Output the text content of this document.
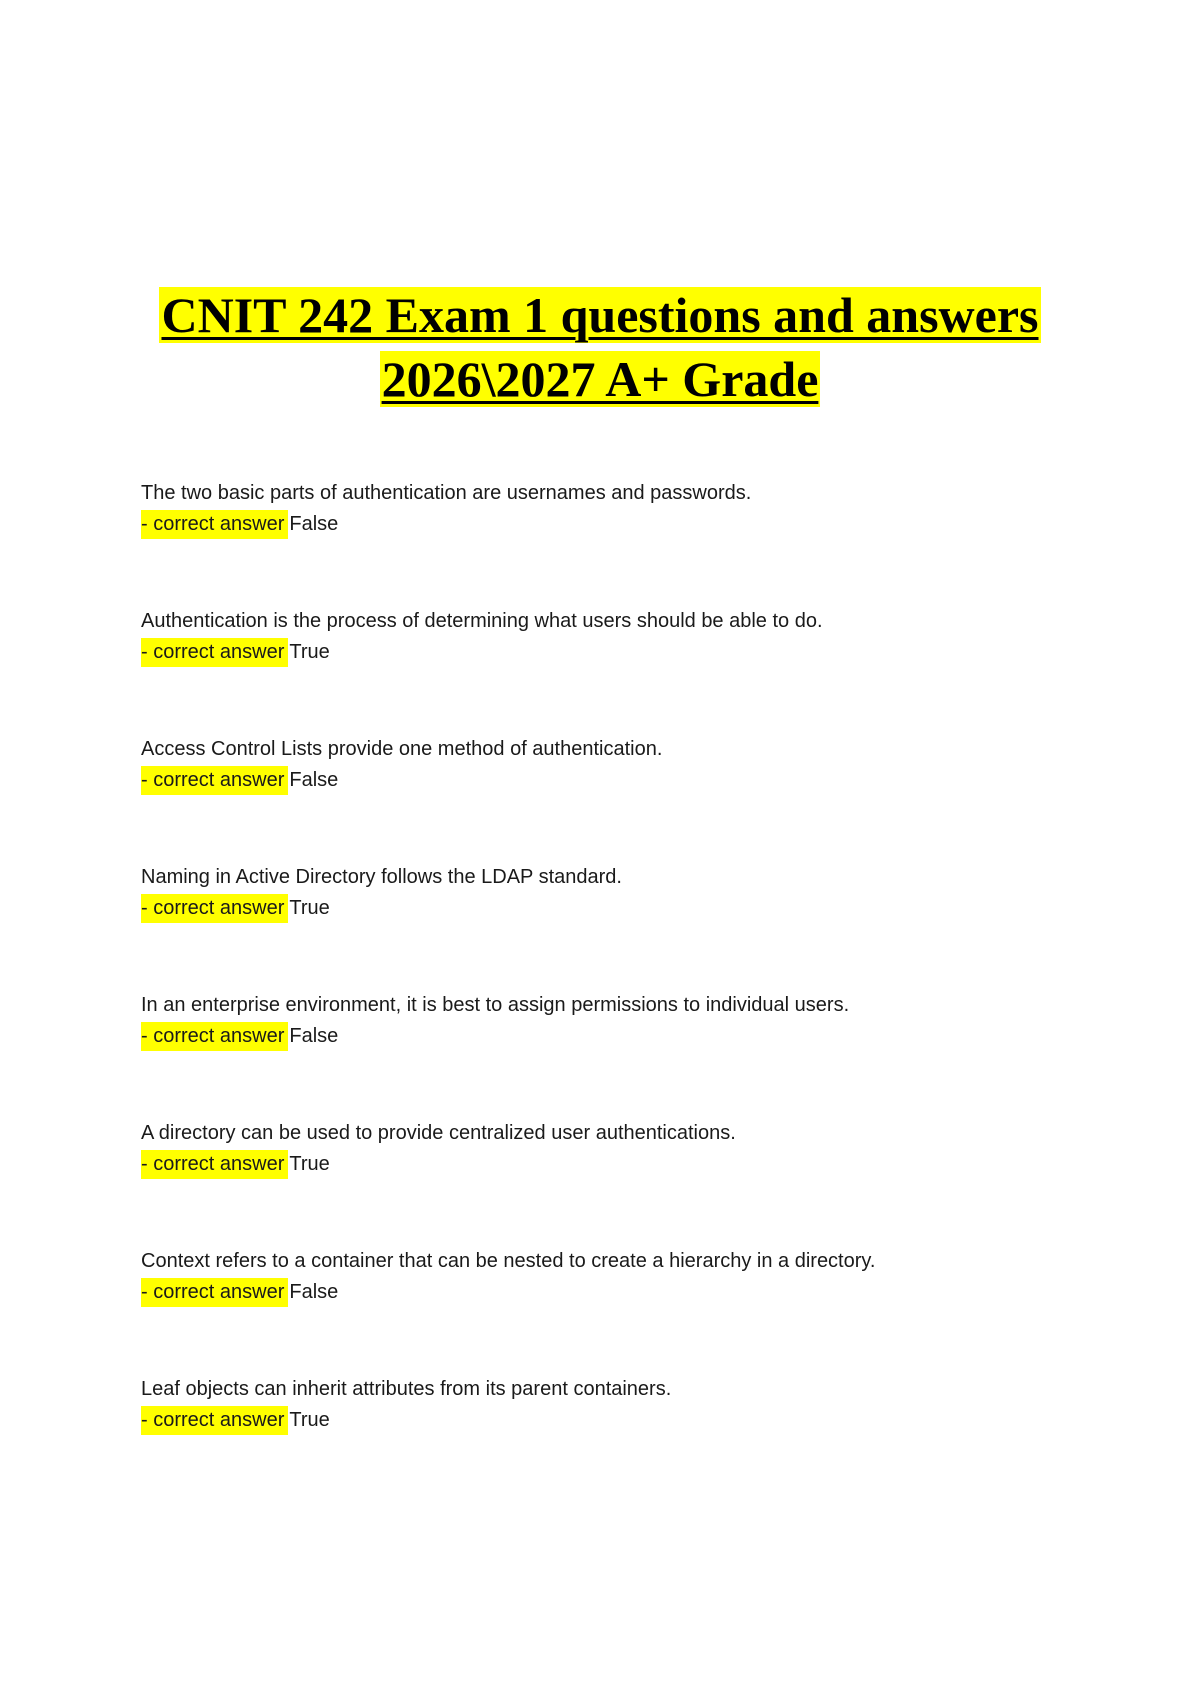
CNIT 242 Exam 1 questions and answers
2026\2027 A+ Grade
The two basic parts of authentication are usernames and passwords.
- correct answer False
Authentication is the process of determining what users should be able to do.
- correct answer True
Access Control Lists provide one method of authentication.
- correct answer False
Naming in Active Directory follows the LDAP standard.
- correct answer True
In an enterprise environment, it is best to assign permissions to individual users.
- correct answer False
A directory can be used to provide centralized user authentications.
- correct answer True
Context refers to a container that can be nested to create a hierarchy in a directory.
- correct answer False
Leaf objects can inherit attributes from its parent containers.
- correct answer True
